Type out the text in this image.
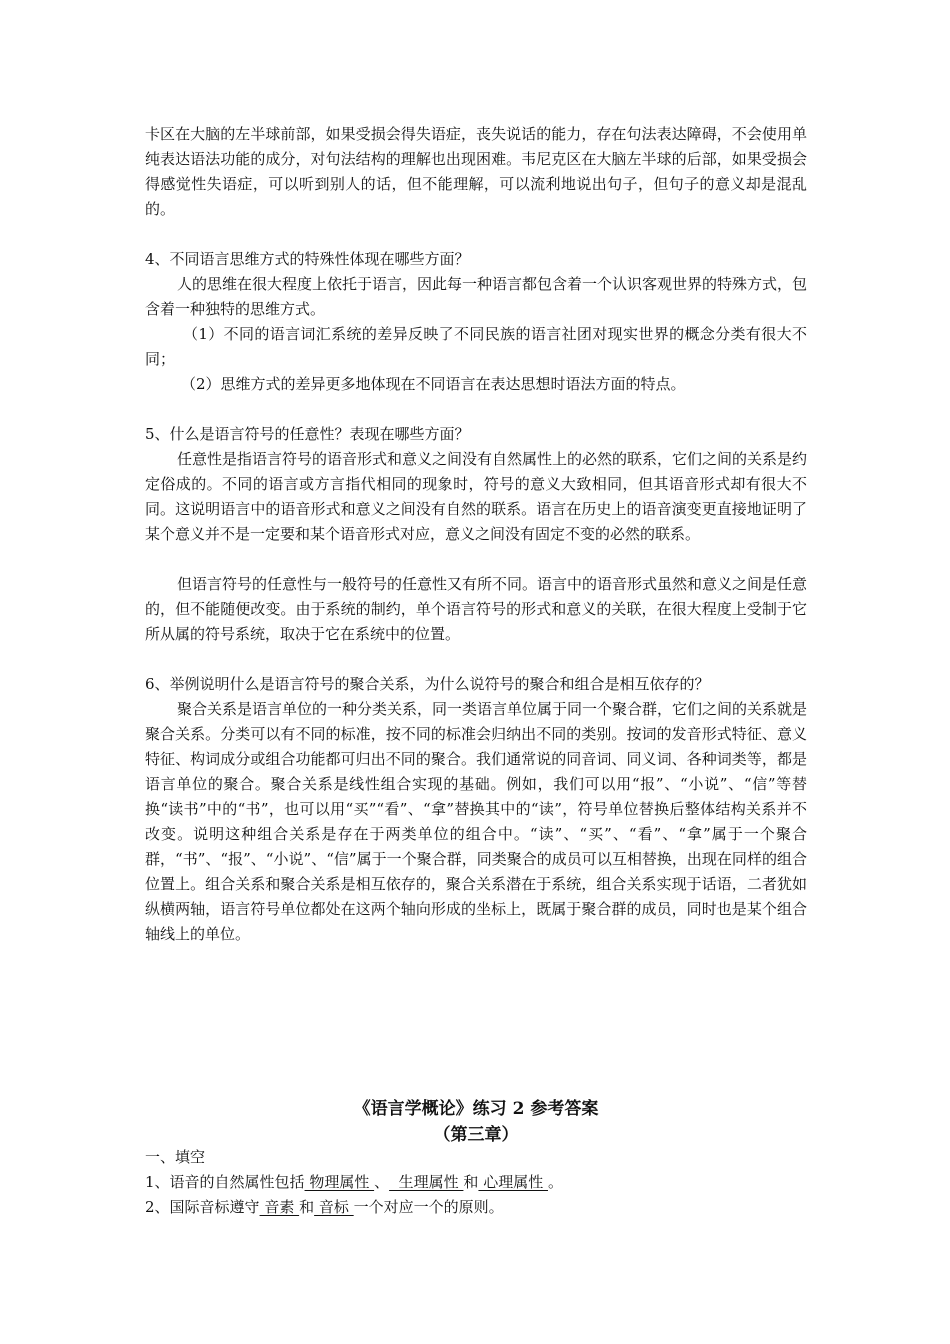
卡区在大脑的左半球前部，如果受损会得失语症，丧失说话的能力，存在句法表达障碍，不会使用单纯表达语法功能的成分，对句法结构的理解也出现困难。韦尼克区在大脑左半球的后部，如果受损会得感觉性失语症，可以听到别人的话，但不能理解，可以流利地说出句子，但句子的意义却是混乱的。

4、不同语言思维方式的特殊性体现在哪些方面？

人的思维在很大程度上依托于语言，因此每一种语言都包含着一个认识客观世界的特殊方式，包含着一种独特的思维方式。

（1）不同的语言词汇系统的差异反映了不同民族的语言社团对现实世界的概念分类有很大不同；

（2）思维方式的差异更多地体现在不同语言在表达思想时语法方面的特点。

5、什么是语言符号的任意性？表现在哪些方面？

任意性是指语言符号的语音形式和意义之间没有自然属性上的必然的联系，它们之间的关系是约定俗成的。不同的语言或方言指代相同的现象时，符号的意义大致相同，但其语音形式却有很大不同。这说明语言中的语音形式和意义之间没有自然的联系。语言在历史上的语音演变更直接地证明了某个意义并不是一定要和某个语音形式对应，意义之间没有固定不变的必然的联系。

但语言符号的任意性与一般符号的任意性又有所不同。语言中的语音形式虽然和意义之间是任意的，但不能随便改变。由于系统的制约，单个语言符号的形式和意义的关联，在很大程度上受制于它所从属的符号系统，取决于它在系统中的位置。

6、举例说明什么是语言符号的聚合关系，为什么说符号的聚合和组合是相互依存的？

聚合关系是语言单位的一种分类关系，同一类语言单位属于同一个聚合群，它们之间的关系就是聚合关系。分类可以有不同的标准，按不同的标准会归纳出不同的类别。按词的发音形式特征、意义特征、构词成分或组合功能都可归出不同的聚合。我们通常说的同音词、同义词、各种词类等，都是语言单位的聚合。聚合关系是线性组合实现的基础。例如，我们可以用“报”、“小说”、“信”等替换“读书”中的“书”，也可以用“买”“看”、“拿”替换其中的“读”，符号单位替换后整体结构关系并不改变。说明这种组合关系是存在于两类单位的组合中。“读”、“买”、“看”、“拿”属于一个聚合群，“书”、“报”、“小说”、“信”属于一个聚合群，同类聚合的成员可以互相替换，出现在同样的组合位置上。组合关系和聚合关系是相互依存的，聚合关系潜在于系统，组合关系实现于话语，二者犹如纵横两轴，语言符号单位都处在这两个轴向形成的坐标上，既属于聚合群的成员，同时也是某个组合轴线上的单位。

《语言学概论》练习 2 参考答案

（第三章）

一、填空

1、语音的自然属性包括 物理属性 、  生理属性 和 心理属性 。

2、国际音标遵守 音素 和 音标 一个对应一个的原则。
